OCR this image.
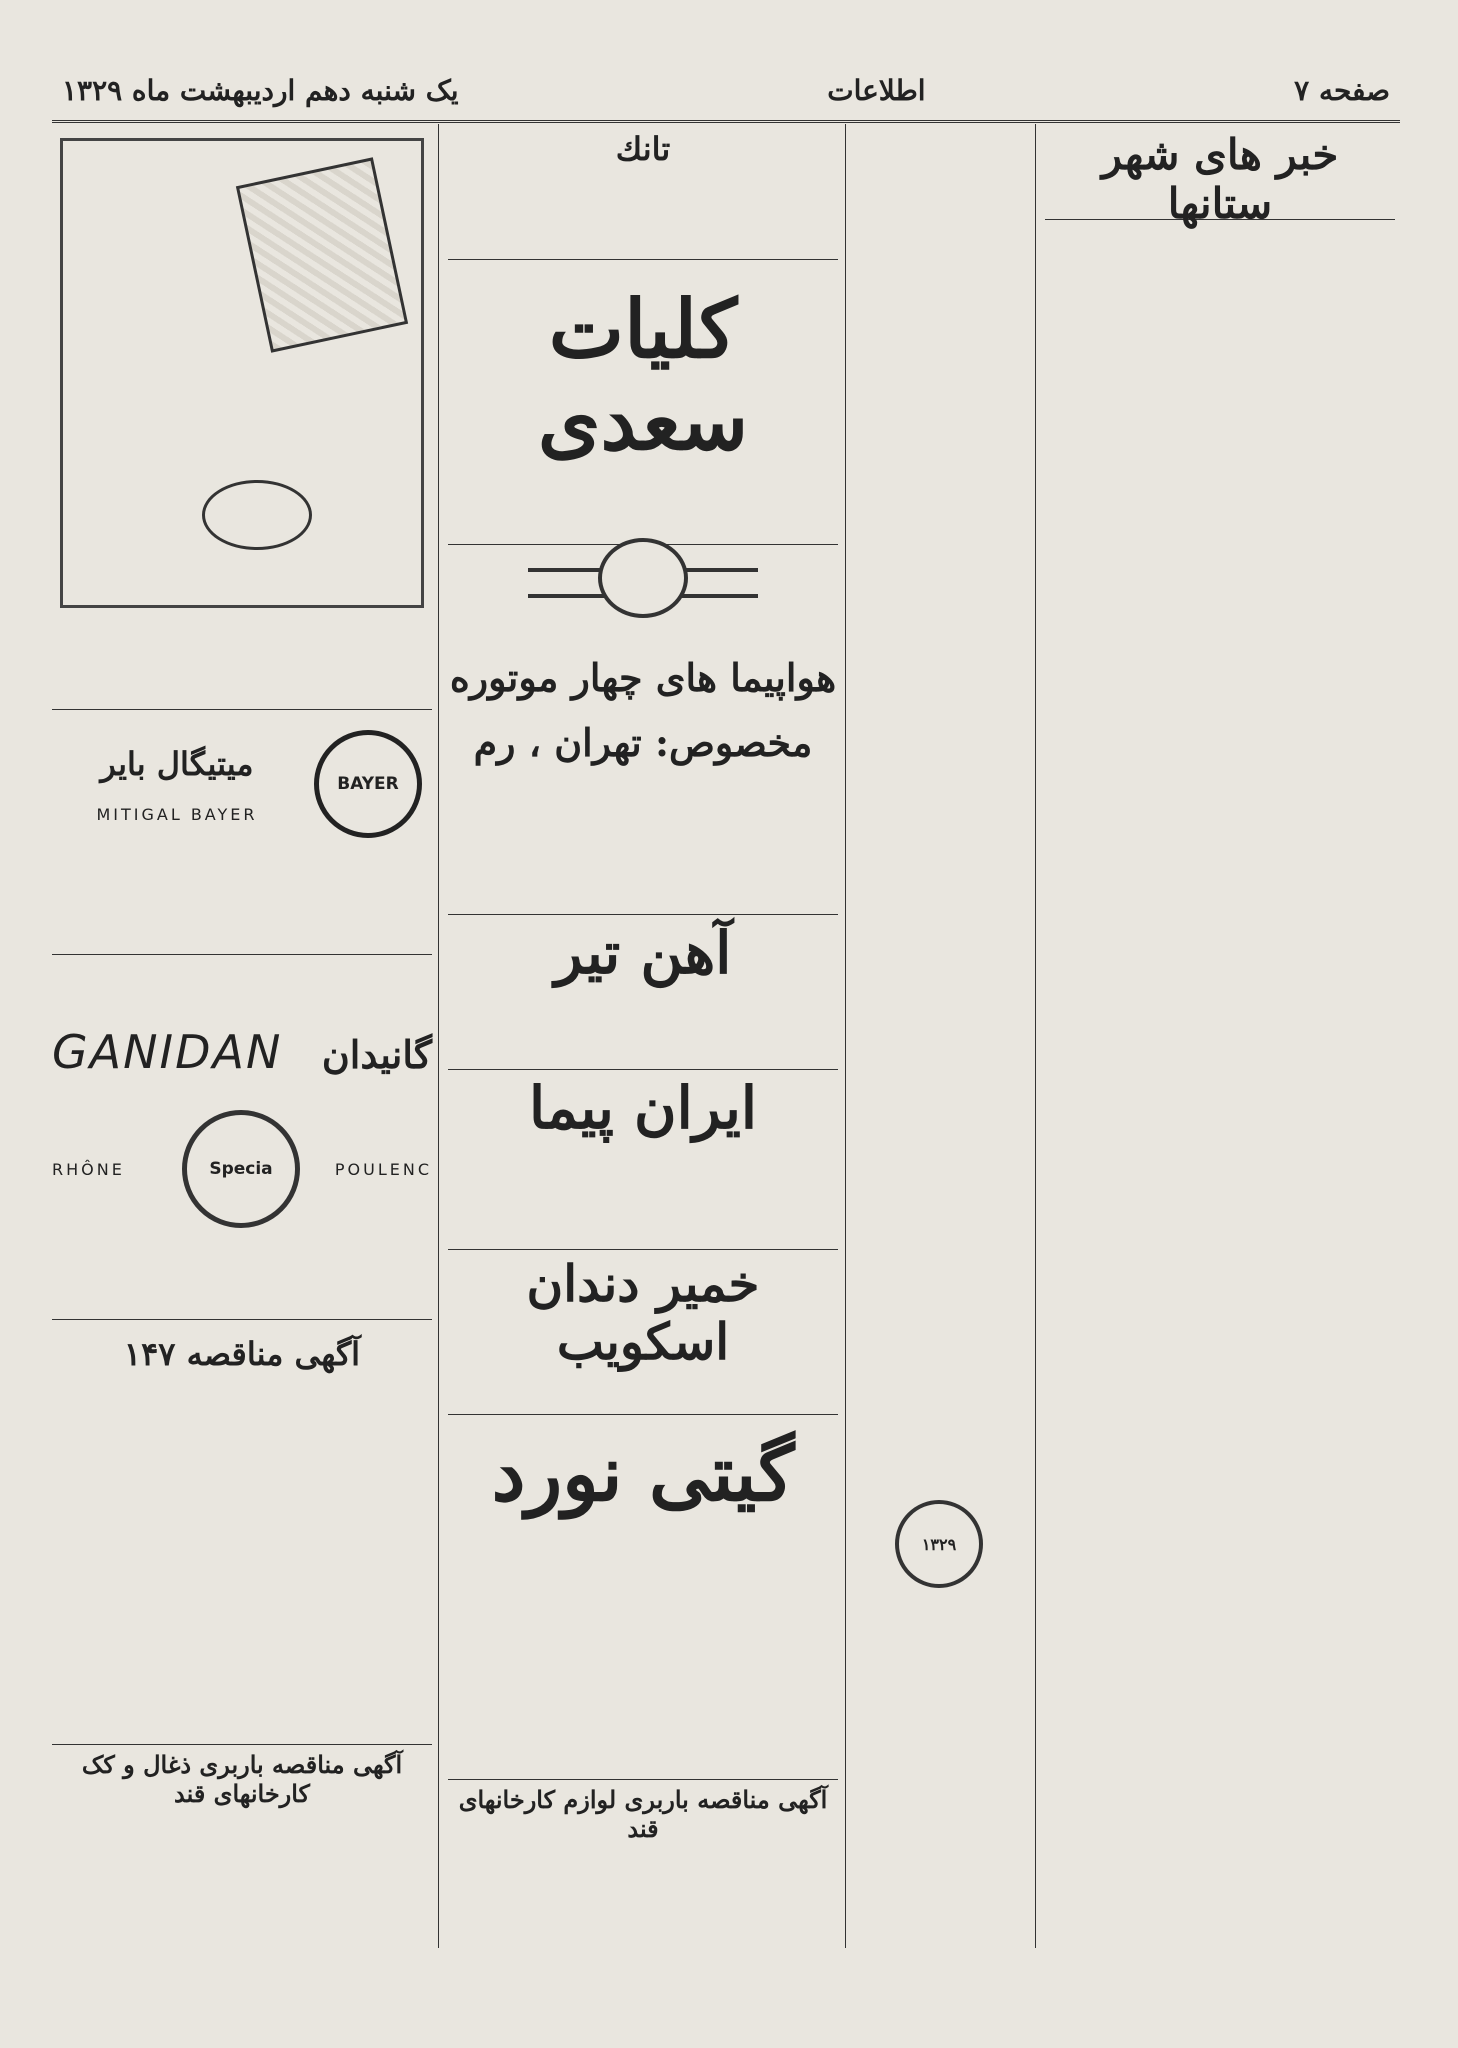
صفحه ۷
اطلاعات
یک شنبه دهم اردیبهشت ماه ۱۳۲۹
خبر های شهر ستانها
تانك
کلیات سعدی
هواپیما های چهار موتوره
مخصوص: تهران ، رم
آهن تیر
ایران پیما
خمیر دندان اسکویب
گیتی نورد
آگهی مناقصه باربری لوازم کارخانهای قند
۱۳۲۹
BAYER
میتیگال بایر
MITIGAL BAYER
GANIDAN گانیدان
RHÔNE	POULENC
Specia
آگهی مناقصه ۱۴۷
آگهی مناقصه باربری ذغال و کک کارخانهای قند
